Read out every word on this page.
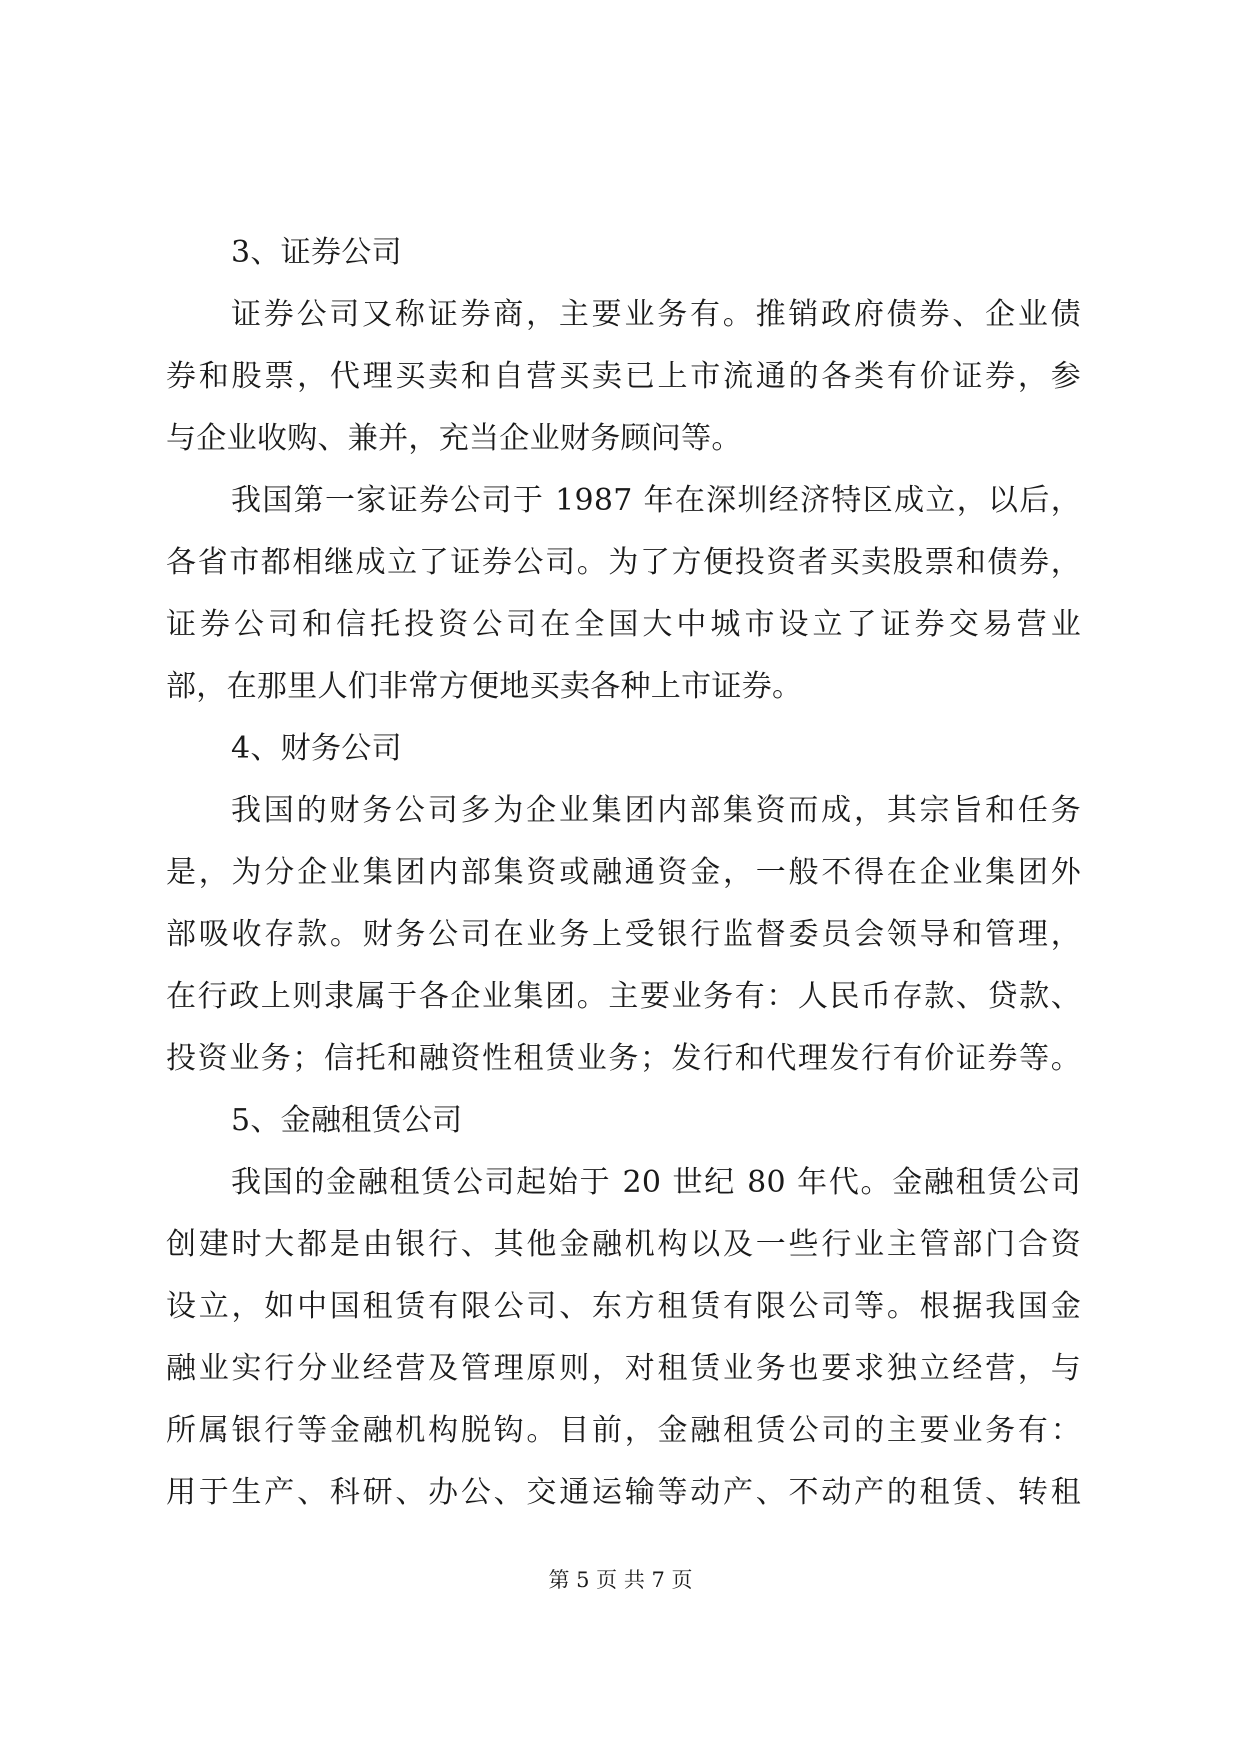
3、证券公司
证券公司又称证券商，主要业务有。推销政府债券、企业债
券和股票，代理买卖和自营买卖已上市流通的各类有价证券，参
与企业收购、兼并，充当企业财务顾问等。
我国第一家证券公司于 1987 年在深圳经济特区成立，以后，
各省市都相继成立了证券公司。为了方便投资者买卖股票和债券，
证券公司和信托投资公司在全国大中城市设立了证券交易营业
部，在那里人们非常方便地买卖各种上市证券。
4、财务公司
我国的财务公司多为企业集团内部集资而成，其宗旨和任务
是，为分企业集团内部集资或融通资金，一般不得在企业集团外
部吸收存款。财务公司在业务上受银行监督委员会领导和管理，
在行政上则隶属于各企业集团。主要业务有：人民币存款、贷款、
投资业务；信托和融资性租赁业务；发行和代理发行有价证券等。
5、金融租赁公司
我国的金融租赁公司起始于 20 世纪 80 年代。金融租赁公司
创建时大都是由银行、其他金融机构以及一些行业主管部门合资
设立，如中国租赁有限公司、东方租赁有限公司等。根据我国金
融业实行分业经营及管理原则，对租赁业务也要求独立经营，与
所属银行等金融机构脱钩。目前，金融租赁公司的主要业务有：
用于生产、科研、办公、交通运输等动产、不动产的租赁、转租
第 5 页 共 7 页
